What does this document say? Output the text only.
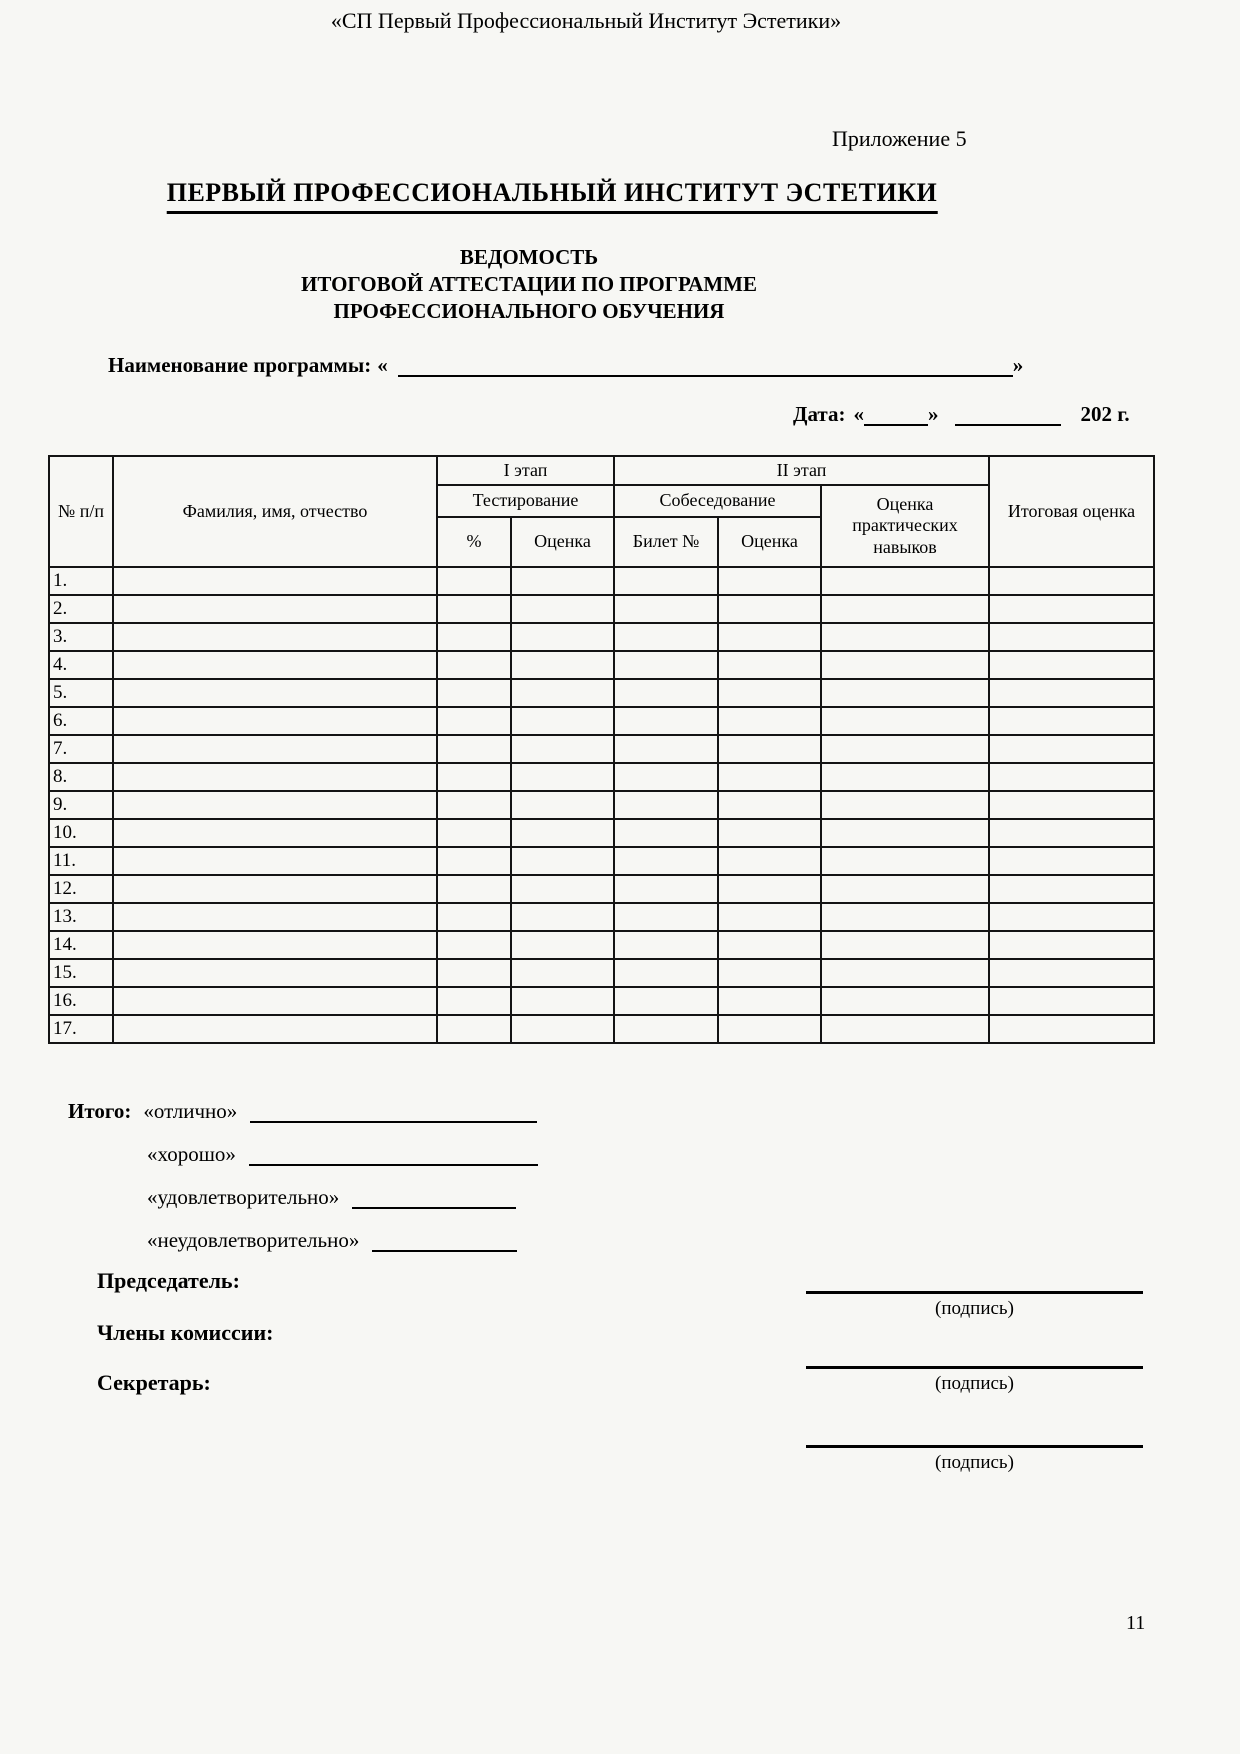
«СП Первый Профессиональный Институт Эстетики»
Приложение 5
ПЕРВЫЙ ПРОФЕССИОНАЛЬНЫЙ ИНСТИТУТ ЭСТЕТИКИ
ВЕДОМОСТЬ
ИТОГОВОЙ АТТЕСТАЦИИ ПО ПРОГРАММЕ
ПРОФЕССИОНАЛЬНОГО ОБУЧЕНИЯ
Наименование программы: «	»
Дата: «	»	202 г.
№ п/п	Фамилия, имя, отчество	I этап		II этап			Итоговая оценка
		Тестирование		Собеседование		Оценка практических навыков	
		%	Оценка	Билет №	Оценка		
1.							
2.							
3.							
4.							
5.							
6.							
7.							
8.							
9.							
10.							
11.							
12.							
13.							
14.							
15.							
16.							
17.							
Итого: «отлично»
«хорошо»
«удовлетворительно»
«неудовлетворительно»
Председатель:
Члены комиссии:
Секретарь:
(подпись)
(подпись)
(подпись)
11
